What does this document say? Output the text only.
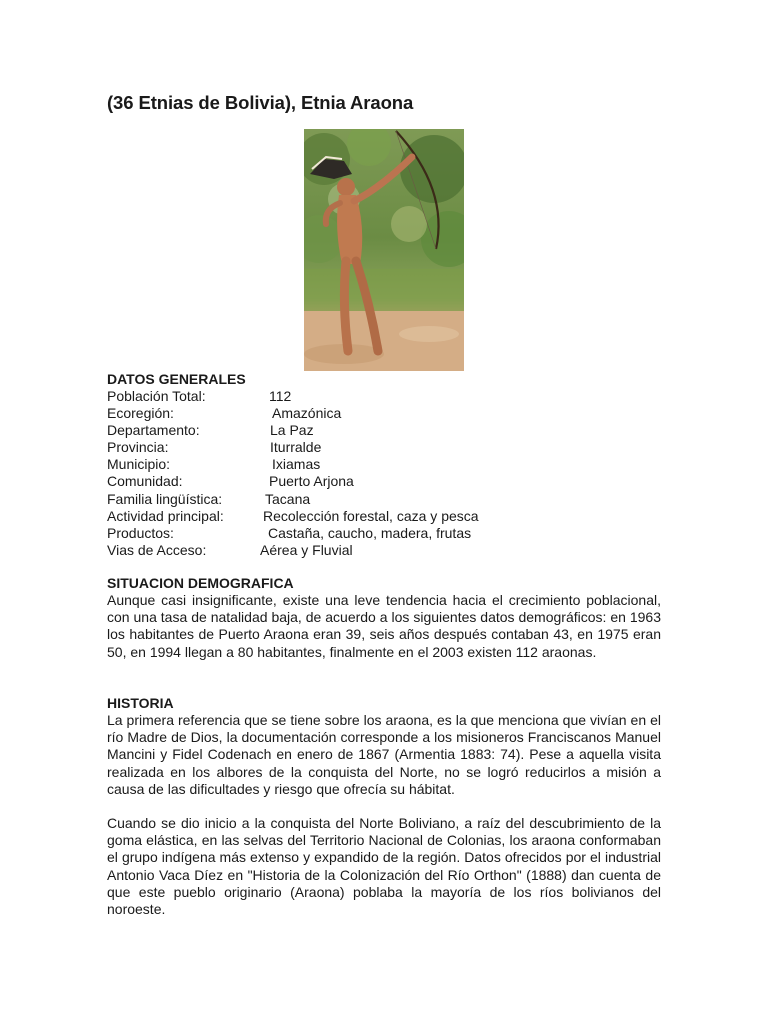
(36 Etnias de Bolivia), Etnia Araona
DATOS GENERALES
Población Total:	112
Ecoregión:	Amazónica
Departamento:	La Paz
Provincia:	Iturralde
Municipio:	Ixiamas
Comunidad:	Puerto Arjona
Familia lingüística:	Tacana
Actividad principal:	Recolección forestal, caza y pesca
Productos:	Castaña, caucho, madera, frutas
Vias de Acceso:	Aérea y Fluvial
SITUACION DEMOGRAFICA

Aunque casi insignificante, existe una leve tendencia hacia el crecimiento poblacional, con una tasa de natalidad baja, de acuerdo a los siguientes datos demográficos: en 1963 los habitantes de Puerto Araona eran 39, seis años después contaban 43, en 1975 eran 50, en 1994 llegan a 80 habitantes, finalmente en el 2003 existen 112 araonas.

HISTORIA

La primera referencia que se tiene sobre los araona, es la que menciona que vivían en el río Madre de Dios, la documentación corresponde a los misioneros Franciscanos Manuel Mancini y Fidel Codenach en enero de 1867 (Armentia 1883: 74). Pese a aquella visita realizada en los albores de la conquista del Norte, no se logró reducirlos a misión a causa de las dificultades y riesgo que ofrecía su hábitat.

Cuando se dio inicio a la conquista del Norte Boliviano, a raíz del descubrimiento de la goma elástica, en las selvas del Territorio Nacional de Colonias, los araona conformaban el grupo indígena más extenso y expandido de la región. Datos ofrecidos por el industrial Antonio Vaca Díez en "Historia de la Colonización del Río Orthon" (1888) dan cuenta de que este pueblo originario (Araona) poblaba la mayoría de los ríos bolivianos del noroeste.
